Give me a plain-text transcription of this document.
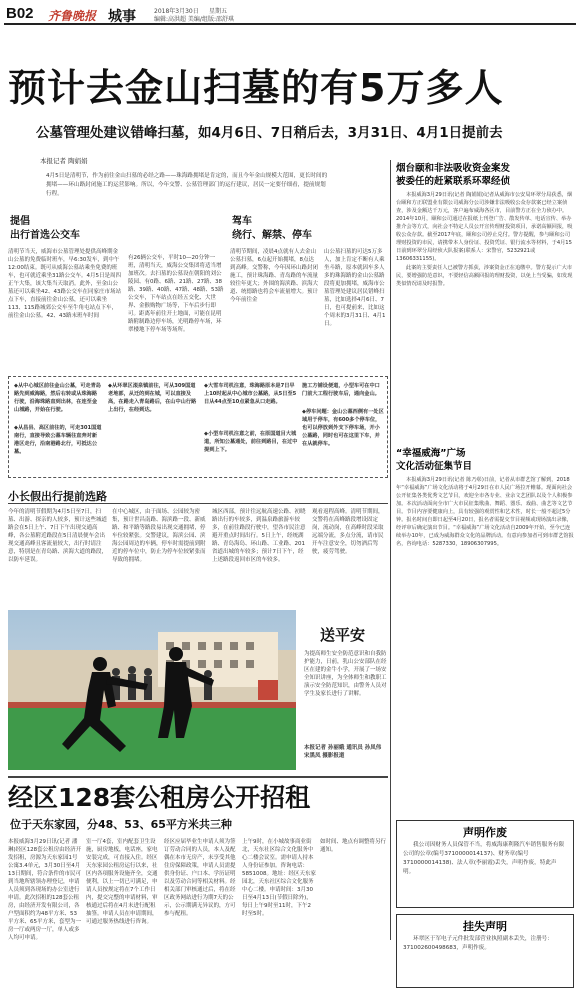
B02 齐鲁晚报 城事	2018年3月30日 星期五
编辑:高洪超 美编/组版:邵舒琪
预计去金山扫墓的有5万多人
公墓管理处建议错峰扫墓，如4月6日、7日稍后去，3月31日、4月1日提前去
烟台颐和非法吸收资金案发
被委任的赶紧联系环翠经侦

本报威海3月29日讯(记者 陶娟娟)记者从威海市公安局环翠分局获悉，烟台颐和方正联盟业有限公司威海分公司涉嫌非法吸收公众存款案已经立案侦查，涉及金额达千万元，客户遍布威海各区市，目前警方正在全力侦办中。2014年10月，颐和公司通过在报纸上刊登广告、散发传单、电话宣传、举办推介会等方式，向社会不特定人员公开宣传理财投资项目，承诺高额回报，吸收公众存款。截至2017年底，颐和公司停止兑付。警方提醒，参与颐和公司理财投资的市民，请携带本人身份证、投资凭证、银行流水等材料，于4月15日前到环翠分局经侦大队报案(联系人：宋警官，5232921或13606331155)。

此案的主要责任人已被警方抓获，涉案资金正在追缴中。警方提示广大市民，要增强防范意识，不要轻信高额回报的理财投资，以免上当受骗，如发现类似情况请及时报警。

“幸福威海”广场
文化活动征集节目

本报威海3月29日讯(记者 陈乃彰)日前，记者从市群艺馆了解到，2018年“幸福威海”广场文化活动将于4月29日在市人民广场拉开帷幕。现面向社会公开征集各类优秀文艺节目，欢迎全市各专业、业余文艺团队以及个人积极参加。本次活动面向全市广大市民征集歌曲、舞蹈、器乐、戏曲、曲艺等文艺节目。节目内容要健康向上，具有较强的观赏性和艺术性，时长一般不超过5分钟。报名时间自即日起至4月20日，报名者需提交节目视频或现场演出录像，经评审后确定演出节目。“幸福威海”广场文化活动自2009年开始，至今已连续举办10年，已成为威海群众文化的品牌活动。有意向参加者可到市群艺馆报名，咨询电话：5287330，18906307995。

声明作废
我公司因财务人员保管不当，将威海康利隆汽车销售服务有限公司的公章(编号3710000014137)、财务章(编号3710000014138)、法人章(李丽霞)丢失，声明作废，特此声明。
挂失声明
环翠区于军电子元件批发部营业执照副本丢失，注册号：371002600498683，声明作废。
本报记者 陶娟娟
4月5日是清明节，作为前往金山扫墓的必经之路——珠海路拥堵是肯定的，而且今年金山规模大范围，更长时间的拥堵——环山路封闭施工的运营影响。所以，今年交警、公墓管理部门的运行建议，居民一定要仔细看，提前规划行程。
提倡
出行首选公交车
驾车
绕行、解禁、停车
清明节当天，威海市公墓管理处提供高峰期金山公墓的免费临时班车，早6:30发车，到中午12:00结束。既可从威海公墓站乘坐免费的班车，也可就近乘坐31路公交车。4月5日是周四正午大集，该大集当天取消。此外，至金山公墓还可以乘坐42、43路公交车在同家庄市场站点下车，直接前往金山公墓，还可以乘坐113、115路城郊公交车至牛角屯站点下车，前往金山公墓。42、43路末班车时间
有26辆公交车，平时10—20分钟一班，清明当天，威海公交集团将适当增加班次。去扫墓的公墓设在朝阳的刘公陵园、有0路、6路、21路、27路、38路、39路、40路、47路、48路、53路公交车，下车站点在经五交化、大世界、金猴购物广场等，下车后步行即可。距离年前往开土地面，可能在昆明路附制路边停车场，光明路停车场，环翠楼地下停车场等场所。
清明节期间，凌晨4点就有人去金山公墓扫墓，6点起开始拥堵，8点达到高峰。交警称，今年因环山路封闭施工，预计珠海路、青岛路的车流量较往年更大；外围的海滨路、滨海大道、统德路也将会车流量增大。预计今年前往金
山公墓扫墓的可达5万多人，加上肯定不断有人乘坐斗路，原本就因车多人多的珠海路的金山公墓路段将更加拥堵，威海市公墓管理处建议居民错峰扫墓，比如选择4月6日、7日，也可提前来，比如这个周末的3月31日、4月1日。
◆从中心城区前往金山公墓，可走青岛路先到威海路，然后右转或从珠海路行驶，沿海珠路直到出林，在连至金山城路，开始在行驶。
◆从昌县、高区前往的，可走301国道南行，直接导致公墓车辆往直奔对新港区走行，沿南港路北行，可抵达公墓。
◆从环翠区滚泉镇前往，可从309国道老地部，从迁的到在城，可以直接及高，在路走入青岛路后，在山中山行路上出行，在经到达。
◆大雪车司机注意，珠海路原本是7日早上10时起从中心城市公墓路，从5日至5日从44点至10点紧急从口走路。
◆小型车司机注意之前，在原国道目大城道，所知公墓通处，前往到路目，在过中提到上下。
施工方铺设便道，小型车可在中口门前大工程行驶车后，通向金山。
◆停车问题：金山公墓西侧有一处区域用于停车，有600多个停车位，也可以停放到外支下停车场，开小公墓路，同时也可在这里下车，并在从就停车。
小长假出行提前选路
今年的清明节假期为4月5日至7日，扫墓、出游、探亲的人较多，预计这些城道路会在5日上午、7日下午出现交通高峰，各公墓附近路段在5日清晨便车会出现交通高峰且客流量较大，出行时请注意，特别是在青岛路、滨海大道的路段，以防车延误。
在中心城区，由于面场、公园较为密集，预计世昌南路、海滨路一段、新威路、和平路等路段易出现交通拥堵，停车位较紧张。交警建议，海滨公园、滨海公园周边的车辆，停车时需提前到附近的停车位中，防止为停车位较紧张而导致的拥堵。
城区西部，预计往远航高速公路、初晓路出行的车较多，到温泉路旅游车较多，在前往路段行驶中，望各市民注意避开重点时间出行。5日上午，经统湖路、青岛海岛、环山路、工业路、201省道出城的车较多；预计7日下午，经上述路段返回市区的车较多。
观看返程高峰。清明节期间，交警将在高峰路段增设固定岗，流动岗，在高峰时段采取远端分流，多点分流，请市民开车注意安全，切勿酒后驾驶，疲劳驾驶。
送平安
为提高师生安全防范意识和自我防护能力，日前，乳山公安部队在经区在建的金牛小学，开展了一场安全知识讲座，为全体师生和教职工演示安全防范知识，由警务人员对学生及家长进行了讲解。
本报记者 孙丽娥 通讯员 孙凤伟 宋黑凤 摄影报道
经区128套公租房公开招租
位于天东家园，分48、53、65平方米共三种
本报威海3月29日讯(记者 潘琳)经区128套公租房由经济开发招租，房源为天东家园1号公寓3.4单元，3月30日至4月13日期间，符合条件的市民可到当地所辖领办理登记，申请人员须到各现场的办公室进行申请。此次招租的128套公租房，由经济开发有限公司，各户型面积约为48平方米、53平方米、65平方米，套型为一房一厅或两房一厅，单人或多人均可申请。
室一厅4套，室内配套卫生设施，厨房地板，电话座，家电安装完成，可直接入住。经区天东家园公租房运行以来，社区内各项服务设施齐全，交通便利，以上一切已可满足，申请人员按规定将在7个工作日内，提交完整的申请材料，审核通过后将在4月末进行配租抽签。申请人员在申请期间，可通过服务热线进行咨询。
经区应届毕业生申请人须为签订劳动合同的人员，本人及配偶在本市无房产，未享受其他住房保障政策，申请人员需提供身份证、户口本、学历证明以及劳动合同等相关材料。经相关部门审核通过后，将在经区政务网站进行为期7天的公示，公示期满无异议的，方可参与配租。
上午9时，在小城故事商业街北，天东社区综合文化服务中心二楼会议室。需申请人持本人身份证参加。咨询电话：5851008。地址：经区天东家园北，天东社区综合文化服务中心二楼。申请时间：3月30日至4月13日(节假日除外)，每日上午9时至11时，下午2时至5时。
如时间、地点有调整将另行通知。
